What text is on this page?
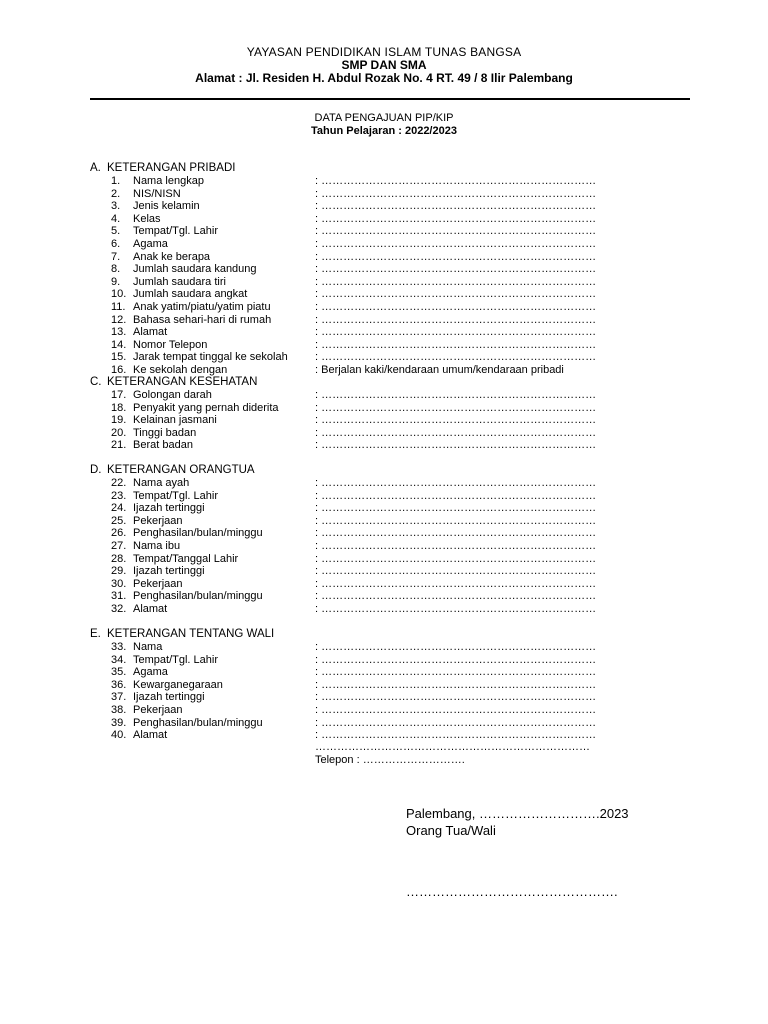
YAYASAN PENDIDIKAN ISLAM TUNAS BANGSA
SMP DAN SMA
Alamat : Jl. Residen H. Abdul Rozak No. 4 RT. 49 / 8 Ilir Palembang
DATA PENGAJUAN PIP/KIP
Tahun Pelajaran : 2022/2023
A. KETERANGAN PRIBADI
1. Nama lengkap	: …………………………………………………………………
2. NIS/NISN	: …………………………………………………………………
3. Jenis kelamin	: …………………………………………………………………
4. Kelas	: …………………………………………………………………
5. Tempat/Tgl. Lahir	: …………………………………………………………………
6. Agama	: …………………………………………………………………
7. Anak ke berapa	: …………………………………………………………………
8. Jumlah saudara kandung	: …………………………………………………………………
9. Jumlah saudara tiri	: …………………………………………………………………
10. Jumlah saudara angkat	: …………………………………………………………………
11. Anak yatim/piatu/yatim piatu	: …………………………………………………………………
12. Bahasa sehari-hari di rumah	: …………………………………………………………………
13. Alamat	: …………………………………………………………………
14. Nomor Telepon	: …………………………………………………………………
15. Jarak tempat tinggal ke sekolah : …………………………………………………………………
16. Ke sekolah dengan	: Berjalan kaki/kendaraan umum/kendaraan pribadi
C. KETERANGAN KESEHATAN
17. Golongan darah	: …………………………………………………………………
18. Penyakit yang pernah diderita	: …………………………………………………………………
19. Kelainan jasmani	: …………………………………………………………………
20. Tinggi badan	: …………………………………………………………………
21. Berat badan	: …………………………………………………………………
D. KETERANGAN ORANGTUA
22. Nama ayah	: …………………………………………………………………
23. Tempat/Tgl. Lahir	: …………………………………………………………………
24. Ijazah tertinggi	: …………………………………………………………………
25. Pekerjaan	: …………………………………………………………………
26. Penghasilan/bulan/minggu	: …………………………………………………………………
27. Nama ibu	: …………………………………………………………………
28. Tempat/Tanggal Lahir	: …………………………………………………………………
29. Ijazah tertinggi	: …………………………………………………………………
30. Pekerjaan	: …………………………………………………………………
31. Penghasilan/bulan/minggu	: …………………………………………………………………
32. Alamat	: …………………………………………………………………
E. KETERANGAN TENTANG WALI
33. Nama	: …………………………………………………………………
34. Tempat/Tgl. Lahir	: …………………………………………………………………
35. Agama	: …………………………………………………………………
36. Kewarganegaraan	: …………………………………………………………………
37. Ijazah tertinggi	: …………………………………………………………………
38. Pekerjaan	: …………………………………………………………………
39. Penghasilan/bulan/minggu	: …………………………………………………………………
40. Alamat	: …………………………………………………………………
…………………………………………………………………
Telepon : ……………………….
Palembang, ……………………….2023
Orang Tua/Wali
………………………………………….
